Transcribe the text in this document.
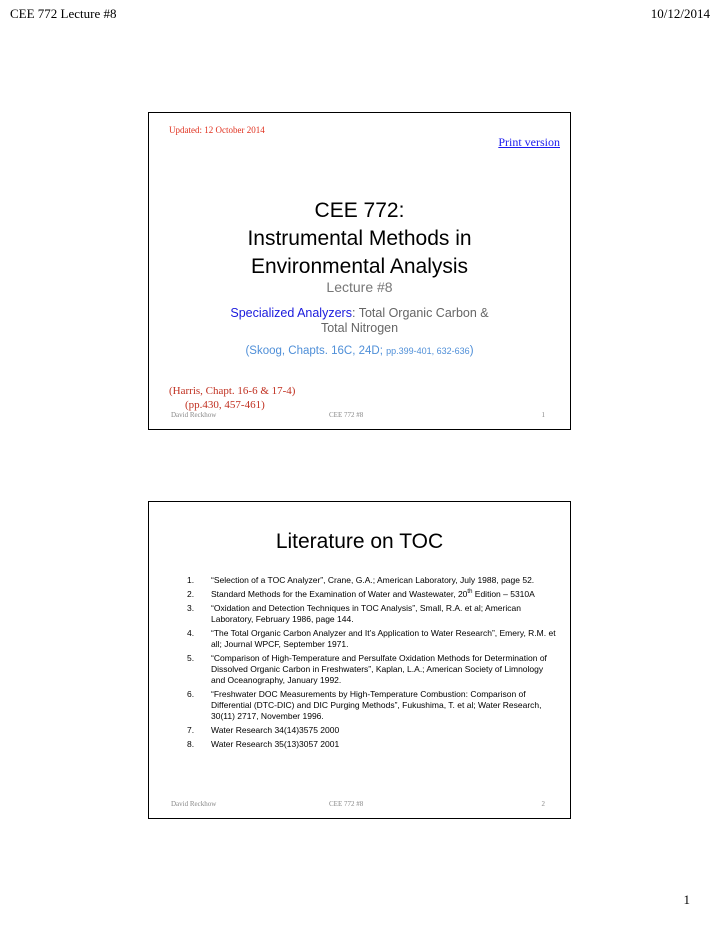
CEE 772 Lecture #8	10/12/2014
Updated: 12 October 2014
Print version
CEE 772:
Instrumental Methods in
Environmental Analysis
Lecture #8
Specialized Analyzers: Total Organic Carbon &
Total Nitrogen
(Skoog, Chapts. 16C, 24D; pp.399-401, 632-636)
(Harris, Chapt. 16-6 & 17-4)
(pp.430, 457-461)
David Reckhow	CEE 772 #8	1
Literature on TOC
1. “Selection of a TOC Analyzer”, Crane, G.A.; American Laboratory, July 1988, page 52.
2. Standard Methods for the Examination of Water and Wastewater, 20th Edition – 5310A
3. “Oxidation and Detection Techniques in TOC Analysis”, Small, R.A. et al; American Laboratory, February 1986, page 144.
4. “The Total Organic Carbon Analyzer and It’s Application to Water Research”, Emery, R.M. et all; Journal WPCF, September 1971.
5. “Comparison of High-Temperature and Persulfate Oxidation Methods for Determination of Dissolved Organic Carbon in Freshwaters”, Kaplan, L.A.; American Society of Limnology and Oceanography, January 1992.
6. “Freshwater DOC Measurements by High-Temperature Combustion: Comparison of Differential (DTC-DIC) and DIC Purging Methods”, Fukushima, T. et al; Water Research, 30(11) 2717, November 1996.
7. Water Research 34(14)3575 2000
8. Water Research 35(13)3057 2001
David Reckhow	CEE 772 #8	2
1
